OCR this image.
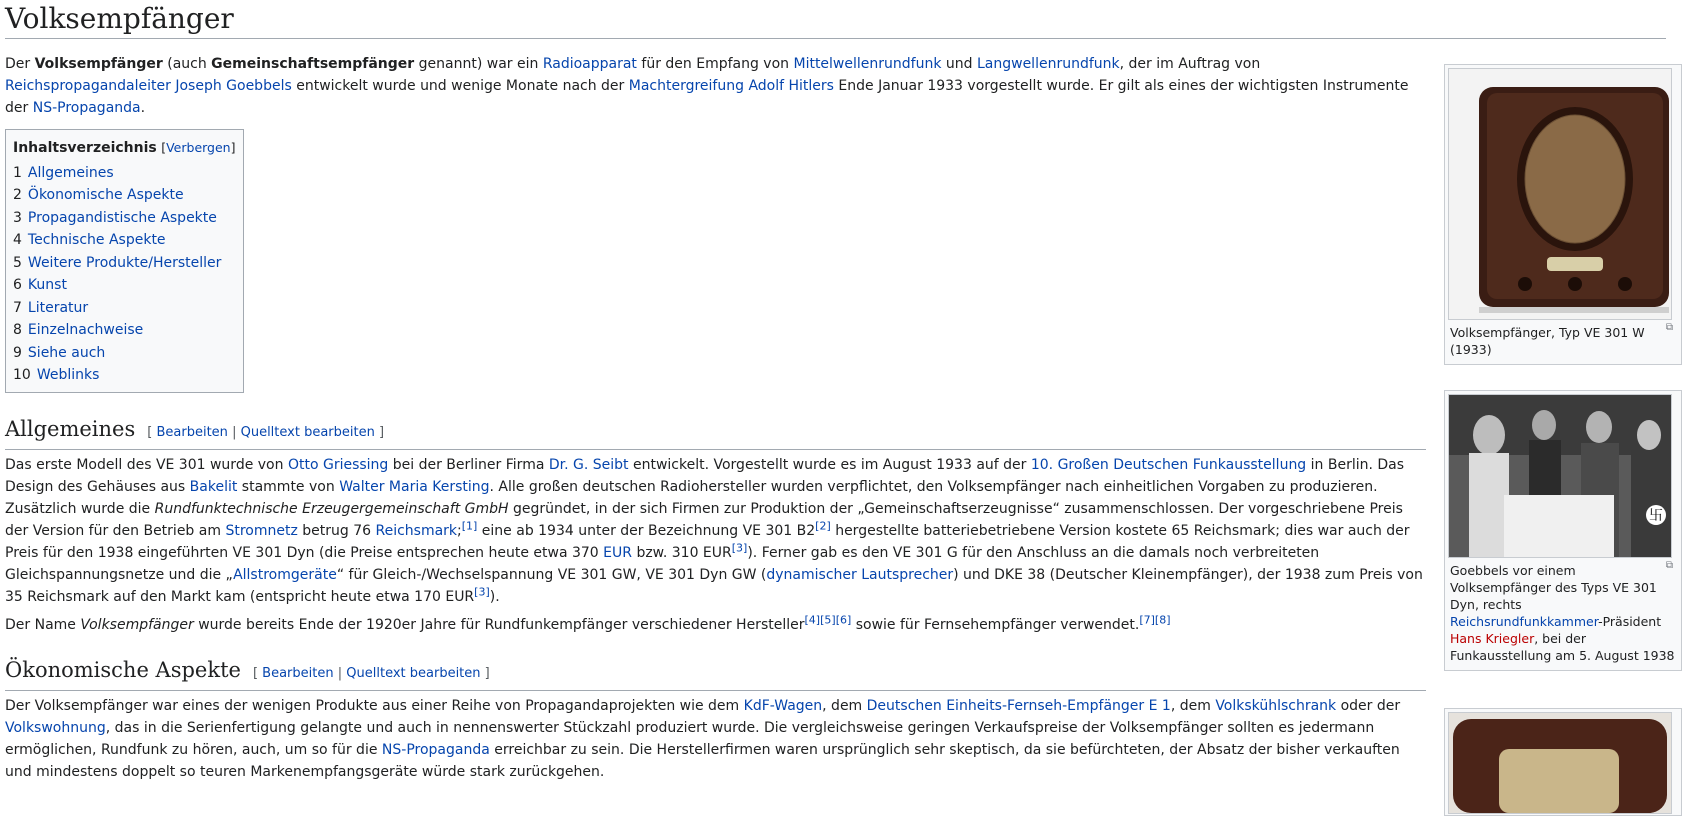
Volksempfänger

Der Volksempfänger (auch Gemeinschaftsempfänger genannt) war ein Radioapparat für den Empfang von Mittelwellenrundfunk und Langwellenrundfunk, der im Auftrag von Reichspropagandaleiter Joseph Goebbels entwickelt wurde und wenige Monate nach der Machtergreifung Adolf Hitlers Ende Januar 1933 vorgestellt wurde. Er gilt als eines der wichtigsten Instrumente der NS-Propaganda.

Inhaltsverzeichnis [Verbergen]
1 Allgemeines
2 Ökonomische Aspekte
3 Propagandistische Aspekte
4 Technische Aspekte
5 Weitere Produkte/Hersteller
6 Kunst
7 Literatur
8 Einzelnachweise
9 Siehe auch
10 Weblinks
Allgemeines [ Bearbeiten | Quelltext bearbeiten ]

Das erste Modell des VE 301 wurde von Otto Griessing bei der Berliner Firma Dr. G. Seibt entwickelt. Vorgestellt wurde es im August 1933 auf der 10. Großen Deutschen Funkausstellung in Berlin. Das Design des Gehäuses aus Bakelit stammte von Walter Maria Kersting. Alle großen deutschen Radiohersteller wurden verpflichtet, den Volksempfänger nach einheitlichen Vorgaben zu produzieren. Zusätzlich wurde die Rundfunktechnische Erzeugergemeinschaft GmbH gegründet, in der sich Firmen zur Produktion der „Gemeinschaftserzeugnisse“ zusammenschlossen. Der vorgeschriebene Preis der Version für den Betrieb am Stromnetz betrug 76 Reichsmark;[1] eine ab 1934 unter der Bezeichnung VE 301 B2[2] hergestellte batteriebetriebene Version kostete 65 Reichsmark; dies war auch der Preis für den 1938 eingeführten VE 301 Dyn (die Preise entsprechen heute etwa 370 EUR bzw. 310 EUR[3]). Ferner gab es den VE 301 G für den Anschluss an die damals noch verbreiteten Gleichspannungsnetze und die „Allstromgeräte“ für Gleich-/Wechselspannung VE 301 GW, VE 301 Dyn GW (dynamischer Lautsprecher) und DKE 38 (Deutscher Kleinempfänger), der 1938 zum Preis von 35 Reichsmark auf den Markt kam (entspricht heute etwa 170 EUR[3]).

Der Name Volksempfänger wurde bereits Ende der 1920er Jahre für Rundfunkempfänger verschiedener Hersteller[4][5][6] sowie für Fernsehempfänger verwendet.[7][8]

Ökonomische Aspekte [ Bearbeiten | Quelltext bearbeiten ]

Der Volksempfänger war eines der wenigen Produkte aus einer Reihe von Propagandaprojekten wie dem KdF-Wagen, dem Deutschen Einheits-Fernseh-Empfänger E 1, dem Volkskühlschrank oder der Volkswohnung, das in die Serienfertigung gelangte und auch in nennenswerter Stückzahl produziert wurde. Die vergleichsweise geringen Verkaufspreise der Volksempfänger sollten es jedermann ermöglichen, Rundfunk zu hören, auch, um so für die NS-Propaganda erreichbar zu sein. Die Herstellerfirmen waren ursprünglich sehr skeptisch, da sie befürchteten, der Absatz der bisher verkauften und mindestens doppelt so teuren Markenempfangsgeräte würde stark zurückgehen.

⧉
Volksempfänger, Typ VE 301 W (1933)
卐
⧉
Goebbels vor einem Volksempfänger des Typs VE 301 Dyn, rechts Reichsrundfunkkammer-Präsident Hans Kriegler, bei der Funkausstellung am 5. August 1938
